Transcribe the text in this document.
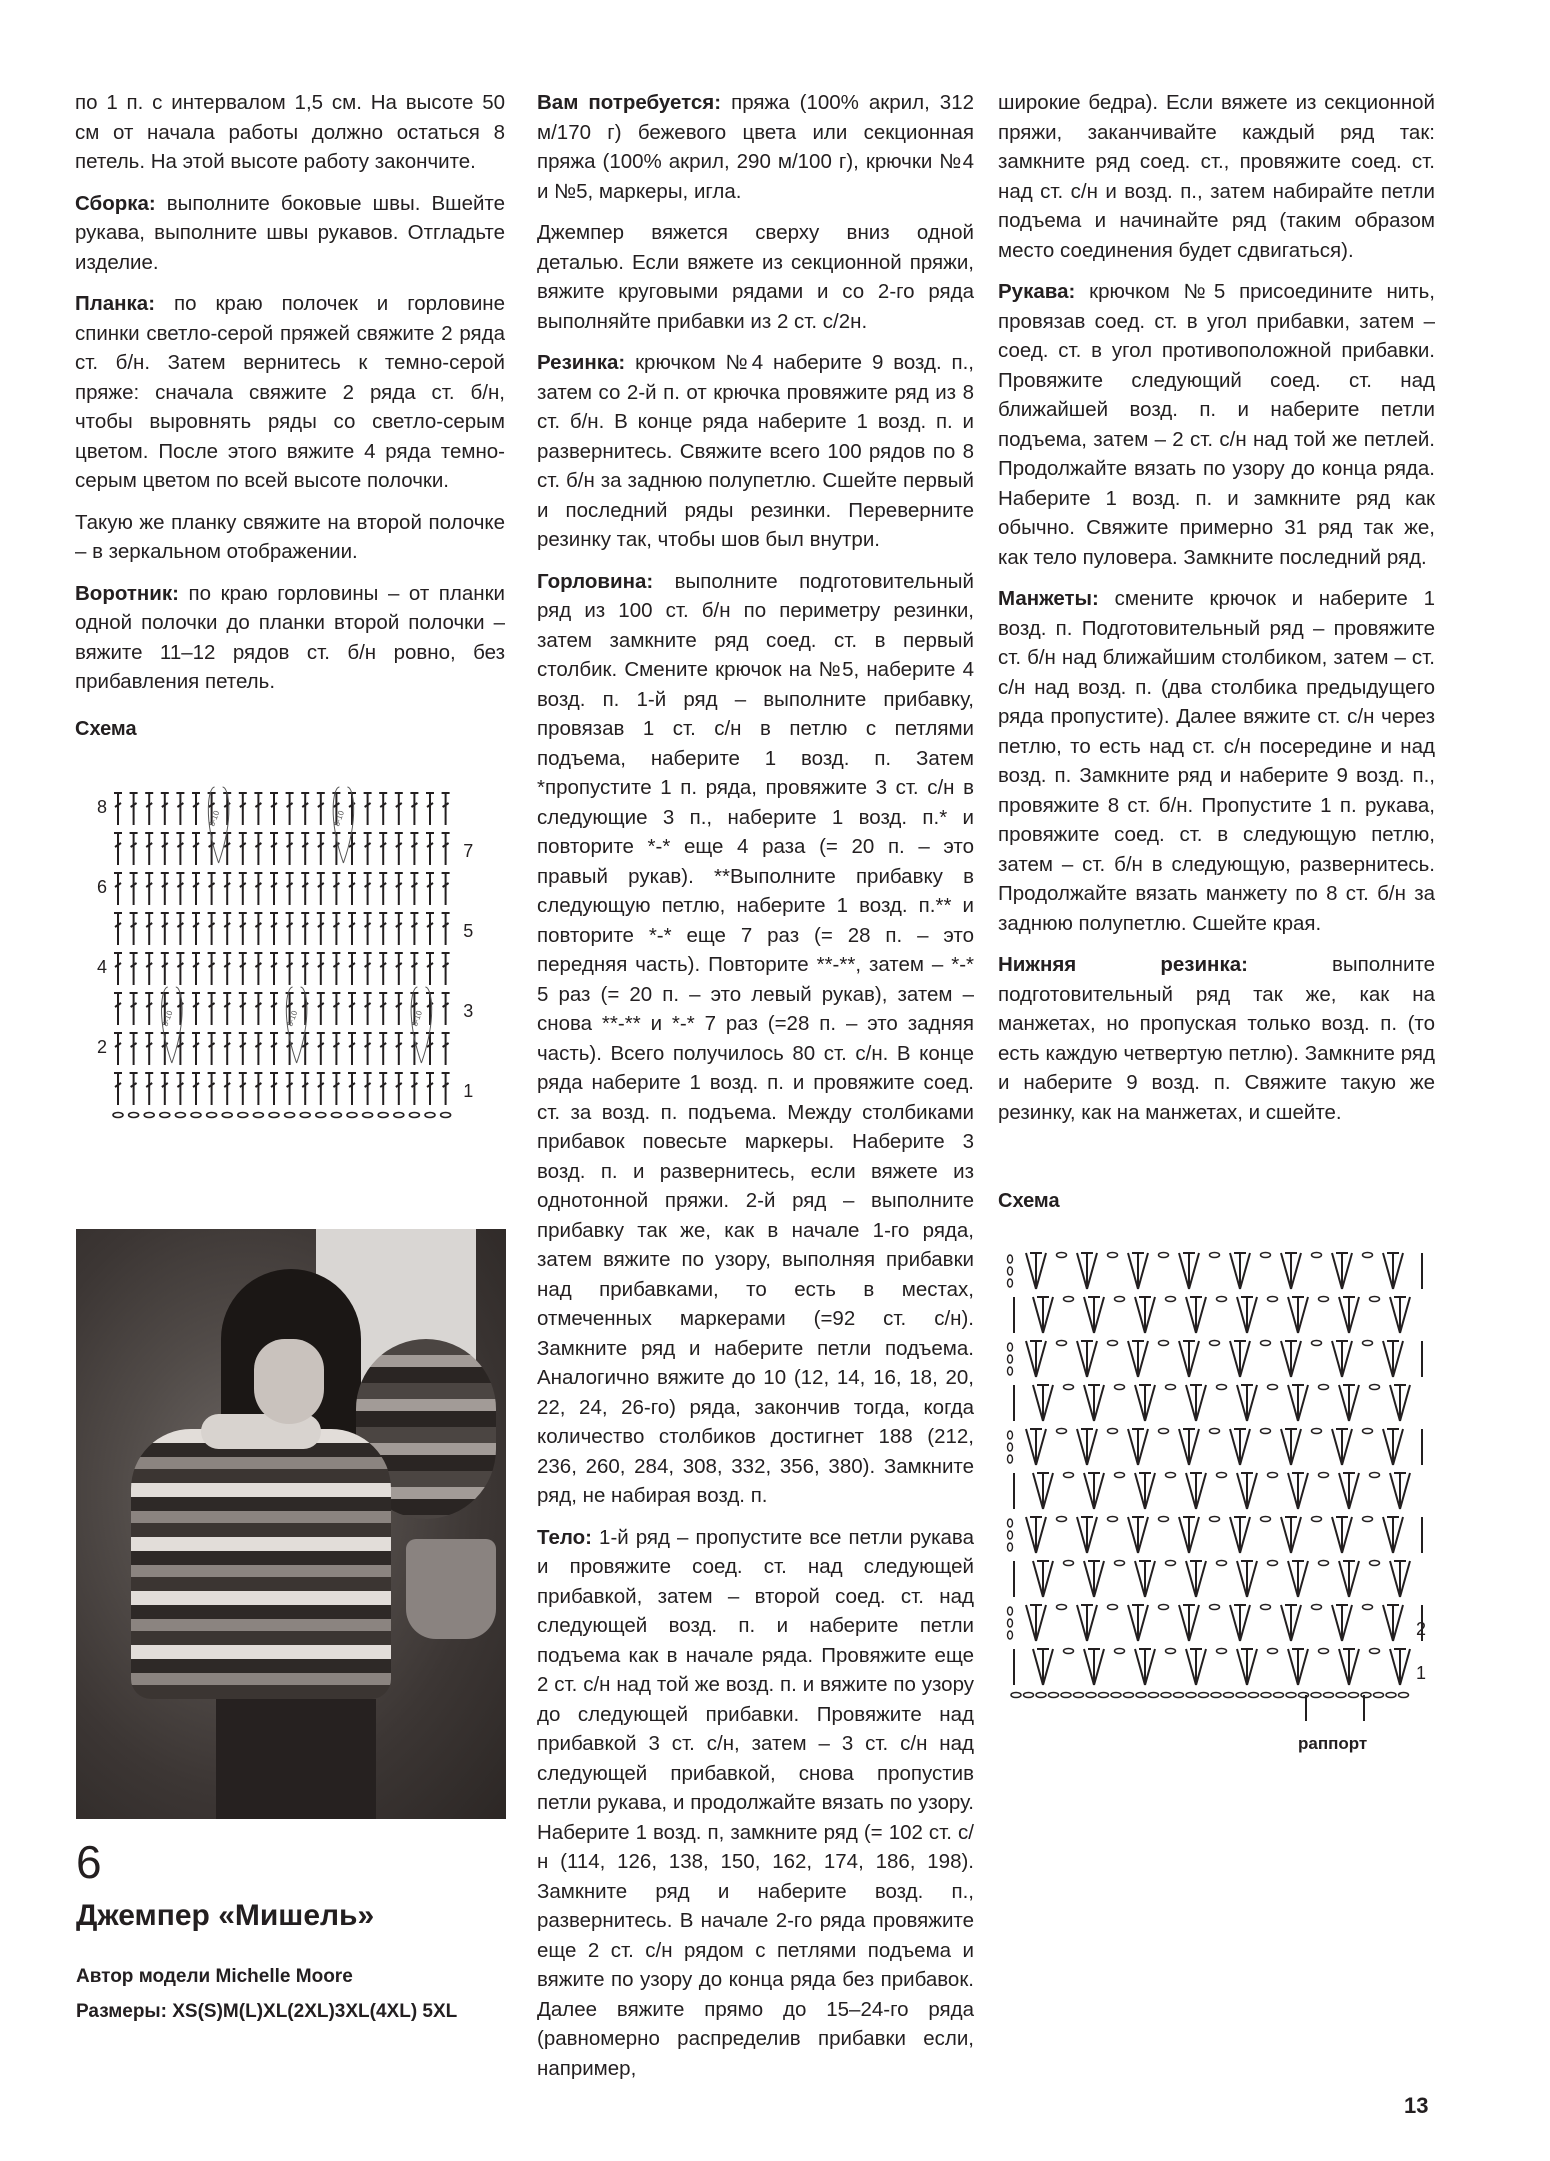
по 1 п. с интервалом 1,5 см. На высоте 50 см от начала работы должно остаться 8 петель. На этой высоте работу закончите.

Сборка: выполните боковые швы. Вшейте рукава, выполните швы рукавов. Отгладьте изделие.

Планка: по краю полочек и горловине спинки светло-серой пряжей свяжите 2 ряда ст. б/н. Затем вернитесь к темно-серой пряже: сначала свяжите 2 ряда ст. б/н, чтобы выровнять ряды со светло-серым цветом. После этого вяжите 4 ряда темно-серым цветом по всей высоте полочки.

Такую же планку свяжите на второй полочке – в зеркальном отображении.

Воротник: по краю горловины – от планки одной полочки до планки второй полочки – вяжите 11–12 рядов ст. б/н ровно, без прибавления петель.

Схема

8
6
4
2
7
5
3
1
8-10	8-10
8-10	8-10	8-10

6

Джемпер «Мишель»

Автор модели Michelle Moore

Размеры: XS(S)M(L)XL(2XL)3XL(4XL) 5XL

Вам потребуется: пряжа (100% акрил, 312 м/170 г) бежевого цвета или секционная пряжа (100% акрил, 290 м/100 г), крючки №4 и №5, маркеры, игла.

Джемпер вяжется сверху вниз одной деталью. Если вяжете из секционной пряжи, вяжите круговыми рядами и со 2-го ряда выполняйте прибавки из 2 ст. с/2н.

Резинка: крючком №4 наберите 9 возд. п., затем со 2-й п. от крючка провяжите ряд из 8 ст. б/н. В конце ряда наберите 1 возд. п. и развернитесь. Свяжите всего 100 рядов по 8 ст. б/н за заднюю полупетлю. Сшейте первый и последний ряды резинки. Переверните резинку так, чтобы шов был внутри.

Горловина: выполните подготовительный ряд из 100 ст. б/н по периметру резинки, затем замкните ряд соед. ст. в первый столбик. Смените крючок на №5, наберите 4 возд. п. 1-й ряд – выполните прибавку, провязав 1 ст. с/н в петлю с петлями подъема, наберите 1 возд. п. Затем *пропустите 1 п. ряда, провяжите 3 ст. с/н в следующие 3 п., наберите 1 возд. п.* и повторите *-* еще 4 раза (= 20 п. – это правый рукав). **Выполните прибавку в следующую петлю, наберите 1 возд. п.** и повторите *-* еще 7 раз (= 28 п. – это передняя часть). Повторите **-**, затем – *-* 5 раз (= 20 п. – это левый рукав), затем – снова **-** и *-* 7 раз (=28 п. – это задняя часть). Всего получилось 80 ст. с/н. В конце ряда наберите 1 возд. п. и провяжите соед. ст. за возд. п. подъема. Между столбиками прибавок повесьте маркеры. Наберите 3 возд. п. и развернитесь, если вяжете из однотонной пряжи. 2-й ряд – выполните прибавку так же, как в начале 1-го ряда, затем вяжите по узору, выполняя прибавки над прибавками, то есть в местах, отмеченных маркерами (=92 ст. с/н). Замкните ряд и наберите петли подъема. Аналогично вяжите до 10 (12, 14, 16, 18, 20, 22, 24, 26-го) ряда, закончив тогда, когда количество столбиков достигнет 188 (212, 236, 260, 284, 308, 332, 356, 380). Замкните ряд, не набирая возд. п.

Тело: 1-й ряд – пропустите все петли рукава и провяжите соед. ст. над следующей прибавкой, затем – второй соед. ст. над следующей возд. п. и наберите петли подъема как в начале ряда. Провяжите еще 2 ст. с/н над той же возд. п. и вяжите по узору до следующей прибавки. Провяжите над прибавкой 3 ст. с/н, затем – 3 ст. с/н над следующей прибавкой, снова пропустив петли рукава, и продолжайте вязать по узору. Наберите 1 возд. п, замкните ряд (= 102 ст. с/н (114, 126, 138, 150, 162, 174, 186, 198). Замкните ряд и наберите возд. п., развернитесь. В начале 2-го ряда провяжите еще 2 ст. с/н рядом с петлями подъема и вяжите по узору до конца ряда без прибавок. Далее вяжите прямо до 15–24-го ряда (равномерно распределив прибавки если, например,

широкие бедра). Если вяжете из секционной пряжи, заканчивайте каждый ряд так: замкните ряд соед. ст., провяжите соед. ст. над ст. с/н и возд. п., затем набирайте петли подъема и начинайте ряд (таким образом место соединения будет сдвигаться).

Рукава: крючком №5 присоедините нить, провязав соед. ст. в угол прибавки, затем – соед. ст. в угол противоположной прибавки. Провяжите следующий соед. ст. над ближайшей возд. п. и наберите петли подъема, затем – 2 ст. с/н над той же петлей. Продолжайте вязать по узору до конца ряда. Наберите 1 возд. п. и замкните ряд как обычно. Свяжите примерно 31 ряд так же, как тело пуловера. Замкните последний ряд.

Манжеты: смените крючок и наберите 1 возд. п. Подготовительный ряд – провяжите ст. б/н над ближайшим столбиком, затем – ст. с/н над возд. п. (два столбика предыдущего ряда пропустите). Далее вяжите ст. с/н через петлю, то есть над ст. с/н посередине и над возд. п. Замкните ряд и наберите 9 возд. п., провяжите 8 ст. б/н. Пропустите 1 п. рукава, провяжите соед. ст. в следующую петлю, затем – ст. б/н в следующую, развернитесь. Продолжайте вязать манжету по 8 ст. б/н за заднюю полупетлю. Сшейте края.

Нижняя резинка: выполните подготовительный ряд так же, как на манжетах, но пропуская только возд. п. (то есть каждую четвертую петлю). Замкните ряд и наберите 9 возд. п. Свяжите такую же резинку, как на манжетах, и сшейте.

Схема

2
1
раппорт

13
